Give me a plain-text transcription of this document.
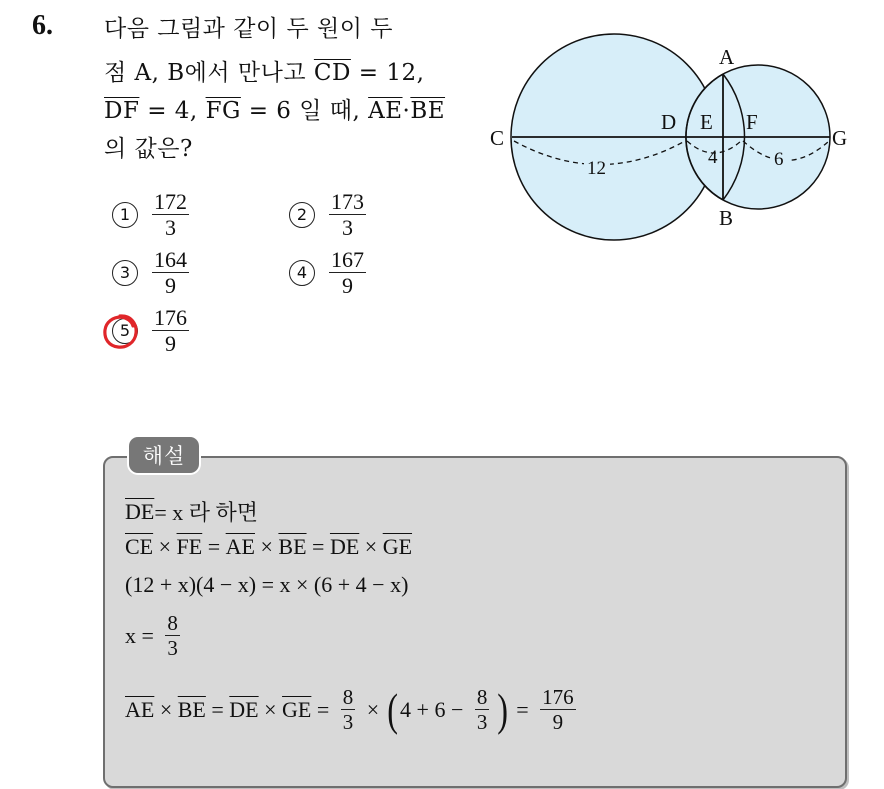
6. 다음 그림과 같이 두 원이 두
점 A, B에서 만나고 $\overline{CD} = 12$,
$\overline{DF} = 4$, $\overline{FG} = 6$ 일 때, $\overline{AE}\cdot\overline{BE}$
의 값은?
$1 \frac{172}{3}$	$2 \frac{173}{3}$
$3 \frac{164}{9}$	$4 \frac{167}{9}$
$5 \frac{176}{9}$
12
4	6
A
B
C
D E F
G
해설
$\overline{DE} = x$ 라 하면
$\overline{CE} \times \overline{FE} = \overline{AE} \times \overline{BE} = \overline{DE} \times \overline{GE}$
(12 + x)(4 − x) = x × (6 + 4 − x)
$x = \frac{8}{3}$
$\overline{AE} \times \overline{BE} = \overline{DE} \times \overline{GE} = \frac{8}{3}$ × ( $4 + 6 - \frac{8}{3}$ ) = $\frac{176}{9}$
